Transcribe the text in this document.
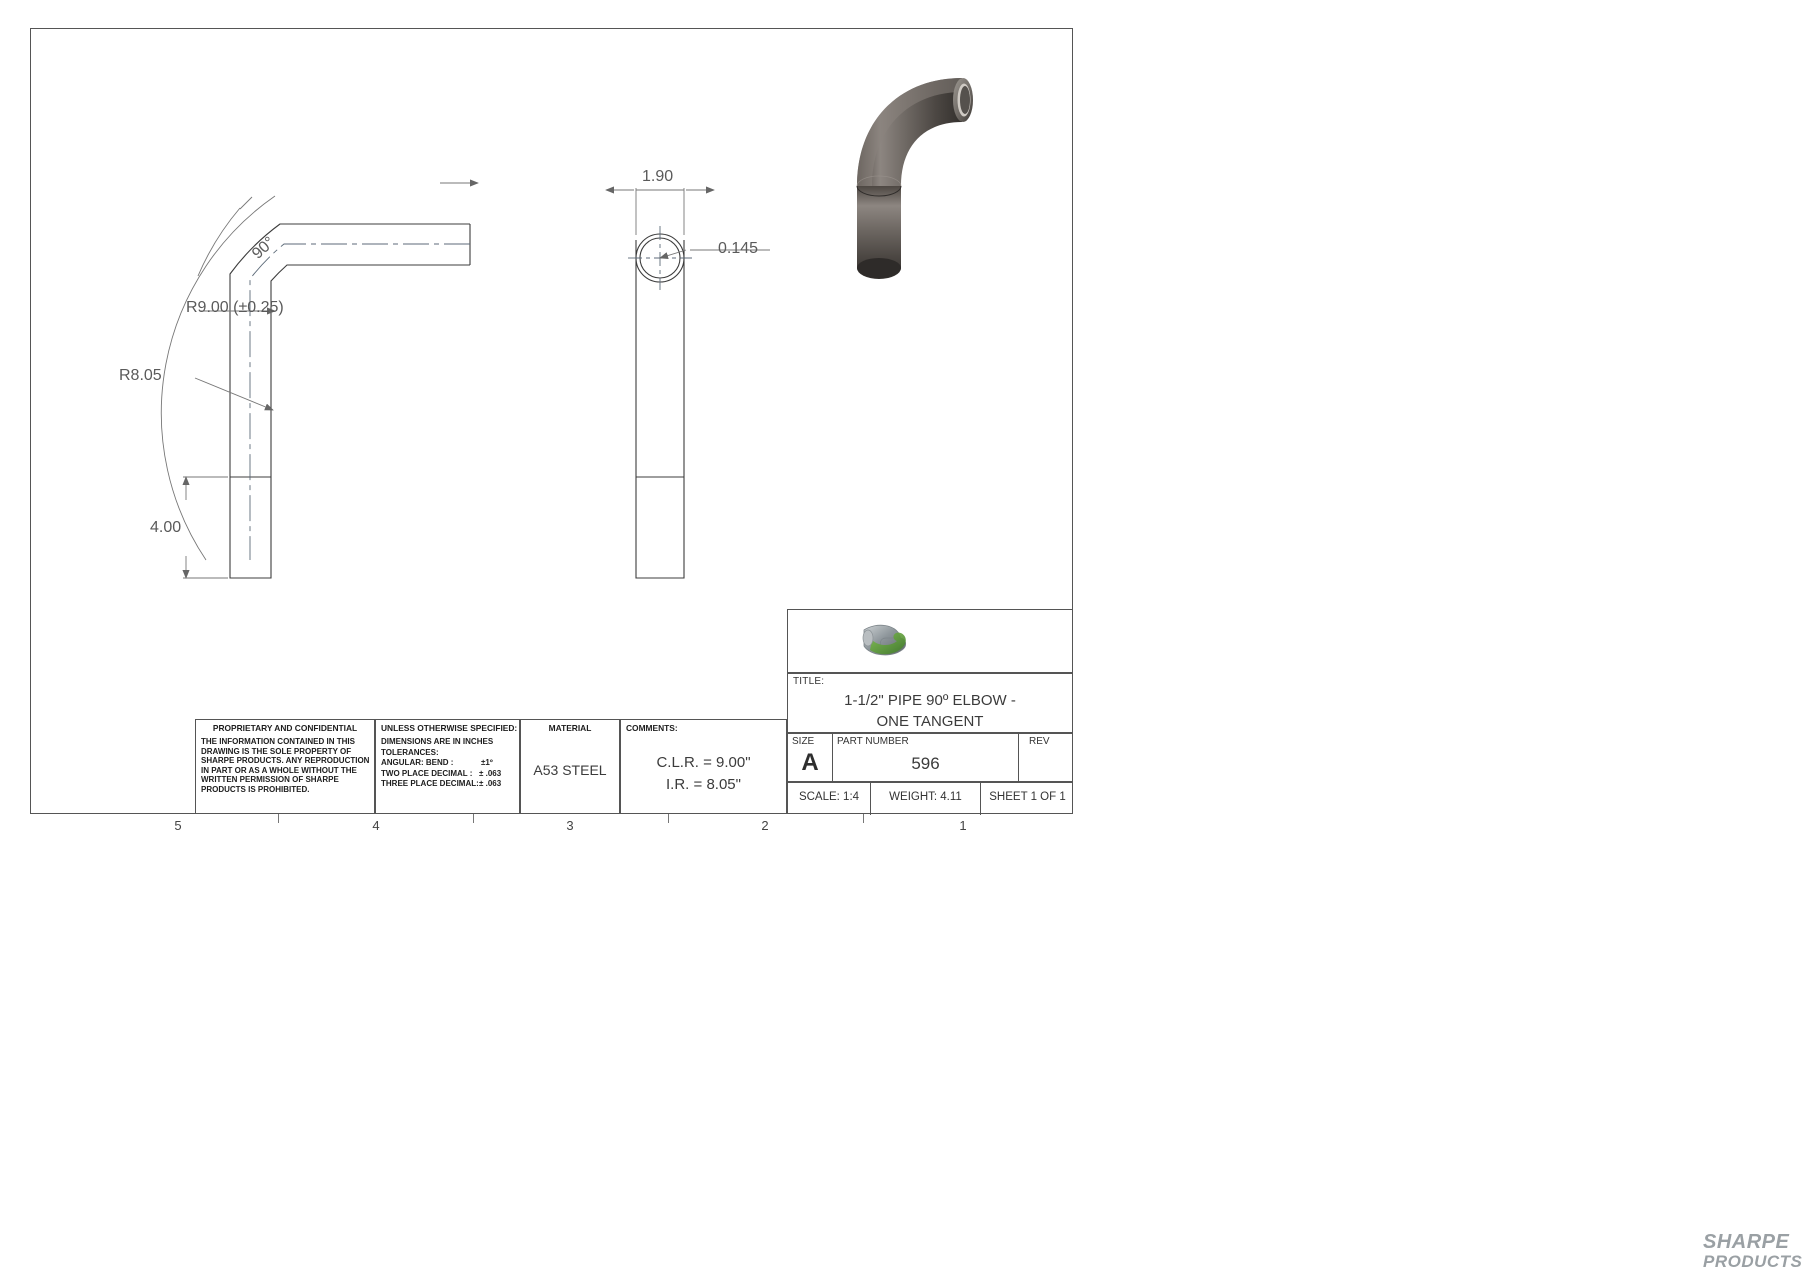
R9.00 (±0.25)
R8.05
90°
4.00
1.90
0.145
5	4	3	2	1
PROPRIETARY AND CONFIDENTIAL
THE INFORMATION CONTAINED IN THIS DRAWING IS THE SOLE PROPERTY OF SHARPE PRODUCTS. ANY REPRODUCTION IN PART OR AS A WHOLE WITHOUT THE WRITTEN PERMISSION OF SHARPE PRODUCTS IS PROHIBITED.
UNLESS OTHERWISE SPECIFIED:
DIMENSIONS ARE IN INCHES
TOLERANCES:
ANGULAR: BEND :	±1º
TWO PLACE DECIMAL : ± .063
THREE PLACE DECIMAL: ± .063
MATERIAL
A53 STEEL
COMMENTS:
C.L.R. = 9.00"
I.R. = 8.05"
SHARPE
PRODUCTS
TITLE:
1-1/2" PIPE 90º ELBOW -
ONE TANGENT
SIZE
A
PART NUMBER
596
REV
SCALE: 1:4	WEIGHT: 4.11	SHEET 1 OF 1
